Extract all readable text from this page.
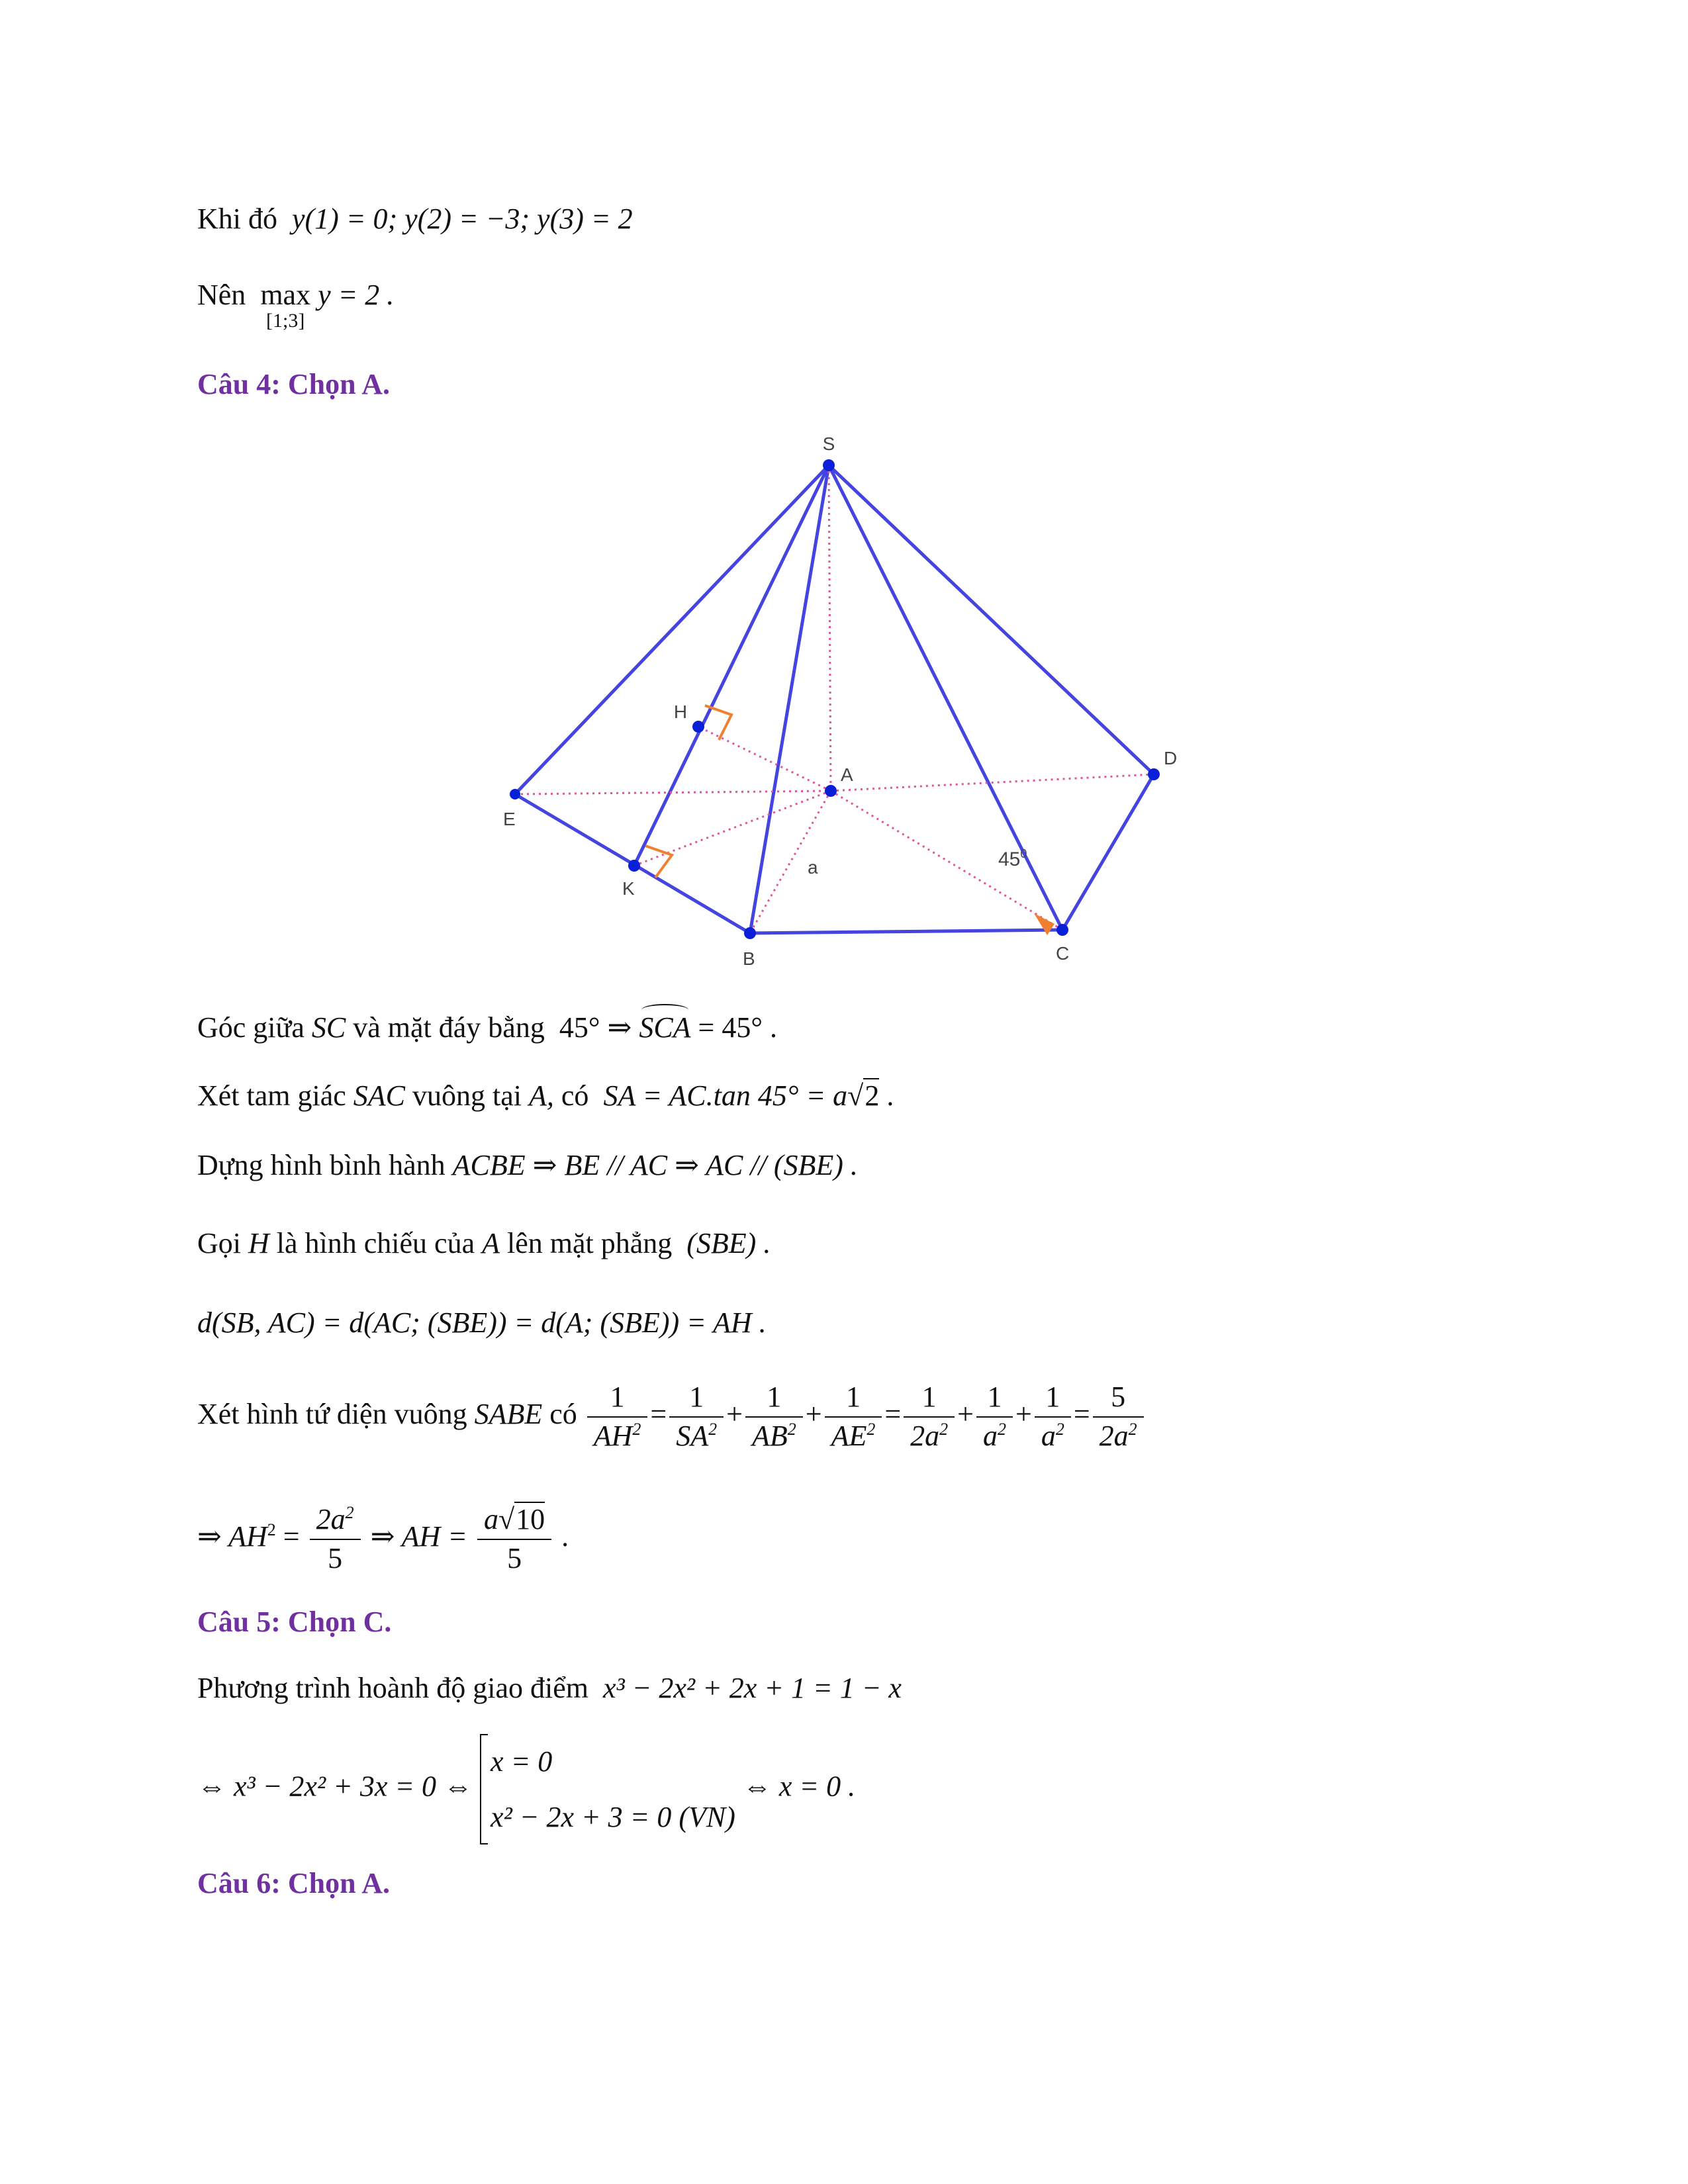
Khi đó y(1) = 0; y(2) = −3; y(3) = 2
Nên max
[1;3]
y = 2 .
Câu 4: Chọn A.
S
H
A
D
E
K
B	C
a	$45^0$
Góc giữa SC và mặt đáy bằng 45° ⇒ SCA = 45° .
Xét tam giác SAC vuông tại A, có SA = AC.tan 45° = a√2 .
Dựng hình bình hành ACBE ⇒ BE // AC ⇒ AC // (SBE) .
Gọi H là hình chiếu của A lên mặt phẳng (SBE) .
d(SB, AC) = d(AC; (SBE)) = d(A; (SBE)) = AH .
Xét hình tứ diện vuông SABE có $\frac{1}{AH^2} = \frac{1}{SA^2} + \frac{1}{AB^2} + \frac{1}{AE^2} = \frac{1}{2a^2} + \frac{1}{a^2} + \frac{1}{a^2} = \frac{5}{2a^2}$
⇒ $AH^2 = \frac{2a^2}{5}$ ⇒ AH = $\frac{a√10}{5}$ .
Câu 5: Chọn C.
Phương trình hoành độ giao điểm x³ − 2x² + 2x + 1 = 1 − x
⇔ x³ − 2x² + 3x = 0 ⇔
x = 0
x² − 2x + 3 = 0 (VN)
⇔ x = 0 .
Câu 6: Chọn A.
